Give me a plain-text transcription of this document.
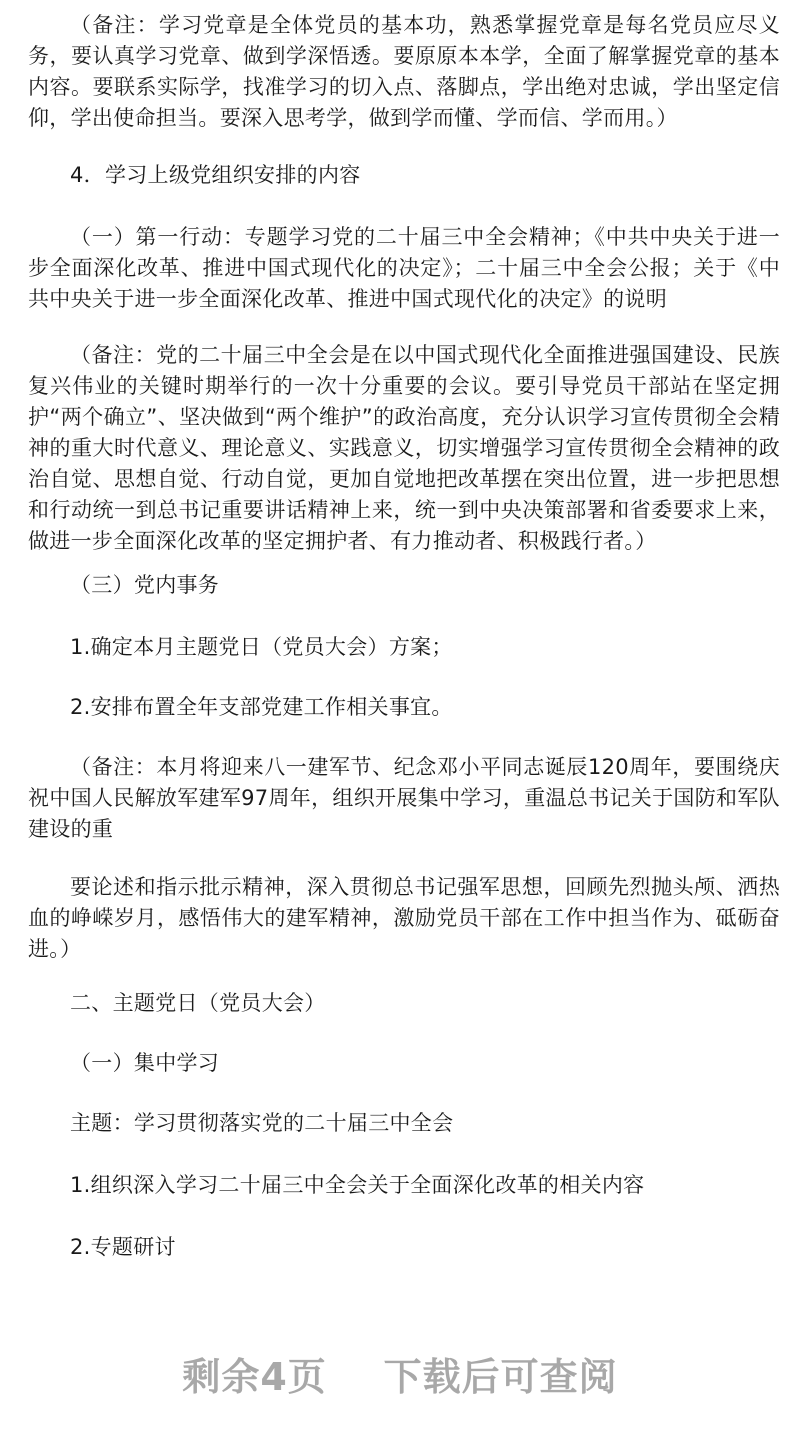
（备注：学习党章是全体党员的基本功，熟悉掌握党章是每名党员应尽义务，要认真学习党章、做到学深悟透。要原原本本学，全面了解掌握党章的基本内容。要联系实际学，找准学习的切入点、落脚点，学出绝对忠诚，学出坚定信仰，学出使命担当。要深入思考学，做到学而懂、学而信、学而用。）

4．学习上级党组织安排的内容

（一）第一行动：专题学习党的二十届三中全会精神；《中共中央关于进一步全面深化改革、推进中国式现代化的决定》；二十届三中全会公报；关于《中共中央关于进一步全面深化改革、推进中国式现代化的决定》的说明

（备注：党的二十届三中全会是在以中国式现代化全面推进强国建设、民族复兴伟业的关键时期举行的一次十分重要的会议。要引导党员干部站在坚定拥护“两个确立”、坚决做到“两个维护”的政治高度，充分认识学习宣传贯彻全会精神的重大时代意义、理论意义、实践意义，切实增强学习宣传贯彻全会精神的政治自觉、思想自觉、行动自觉，更加自觉地把改革摆在突出位置，进一步把思想和行动统一到总书记重要讲话精神上来，统一到中央决策部署和省委要求上来，做进一步全面深化改革的坚定拥护者、有力推动者、积极践行者。）

（三）党内事务

1.确定本月主题党日（党员大会）方案；

2.安排布置全年支部党建工作相关事宜。

（备注：本月将迎来八一建军节、纪念邓小平同志诞辰120周年，要围绕庆祝中国人民解放军建军97周年，组织开展集中学习，重温总书记关于国防和军队建设的重

要论述和指示批示精神，深入贯彻总书记强军思想，回顾先烈抛头颅、洒热血的峥嵘岁月，感悟伟大的建军精神，激励党员干部在工作中担当作为、砥砺奋进。）

二、主题党日（党员大会）

（一）集中学习

主题：学习贯彻落实党的二十届三中全会

1.组织深入学习二十届三中全会关于全面深化改革的相关内容

2.专题研讨

剩余4页    下载后可查阅
